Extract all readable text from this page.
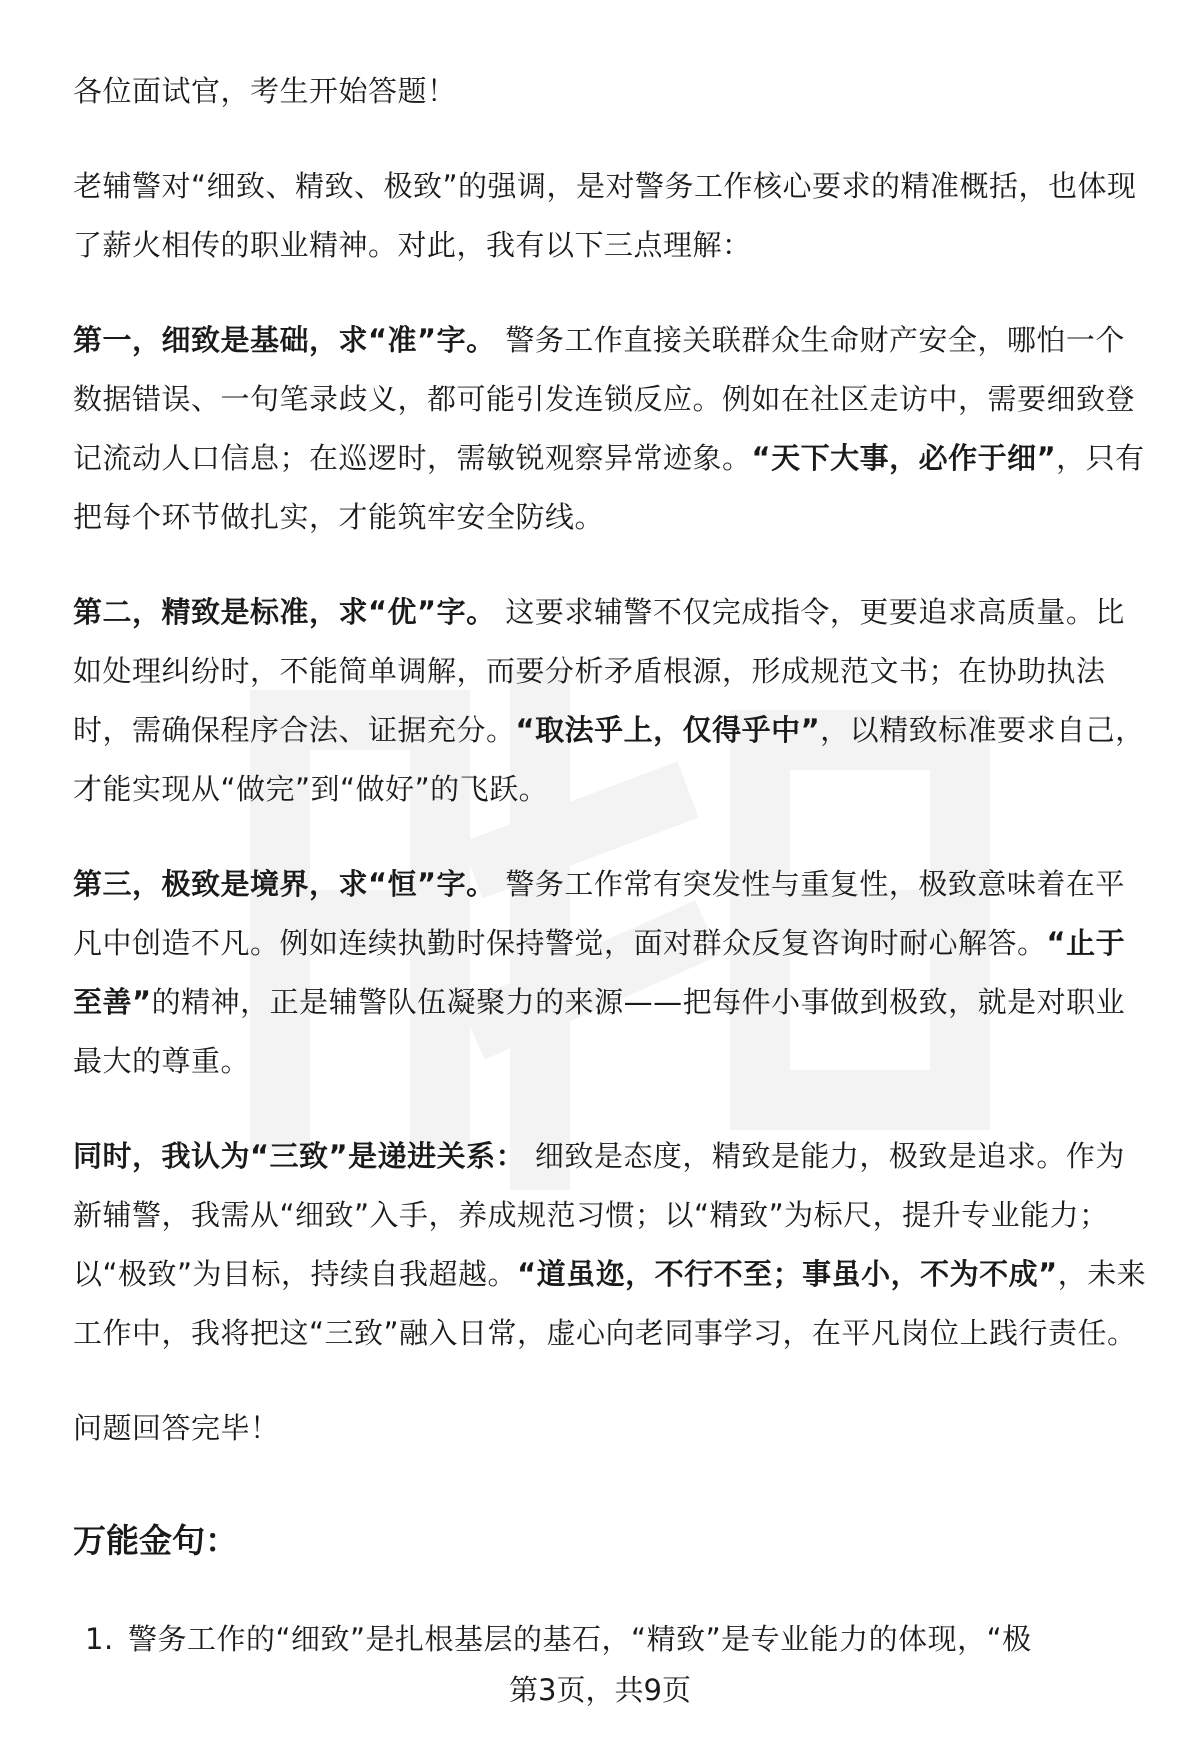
各位面试官，考生开始答题！

老辅警对“细致、精致、极致”的强调，是对警务工作核心要求的精准概括，也体现了薪火相传的职业精神。对此，我有以下三点理解：

第一，细致是基础，求“准”字。 警务工作直接关联群众生命财产安全，哪怕一个数据错误、一句笔录歧义，都可能引发连锁反应。例如在社区走访中，需要细致登记流动人口信息；在巡逻时，需敏锐观察异常迹象。“天下大事，必作于细”，只有把每个环节做扎实，才能筑牢安全防线。

第二，精致是标准，求“优”字。 这要求辅警不仅完成指令，更要追求高质量。比如处理纠纷时，不能简单调解，而要分析矛盾根源，形成规范文书；在协助执法时，需确保程序合法、证据充分。“取法乎上，仅得乎中”，以精致标准要求自己，才能实现从“做完”到“做好”的飞跃。

第三，极致是境界，求“恒”字。 警务工作常有突发性与重复性，极致意味着在平凡中创造不凡。例如连续执勤时保持警觉，面对群众反复咨询时耐心解答。“止于至善”的精神，正是辅警队伍凝聚力的来源——把每件小事做到极致，就是对职业最大的尊重。

同时，我认为“三致”是递进关系： 细致是态度，精致是能力，极致是追求。作为新辅警，我需从“细致”入手，养成规范习惯；以“精致”为标尺，提升专业能力；以“极致”为目标，持续自我超越。“道虽迩，不行不至；事虽小，不为不成”，未来工作中，我将把这“三致”融入日常，虚心向老同事学习，在平凡岗位上践行责任。

问题回答完毕！

万能金句：
1. 警务工作的“细致”是扎根基层的基石，“精致”是专业能力的体现，“极
第3页，共9页
